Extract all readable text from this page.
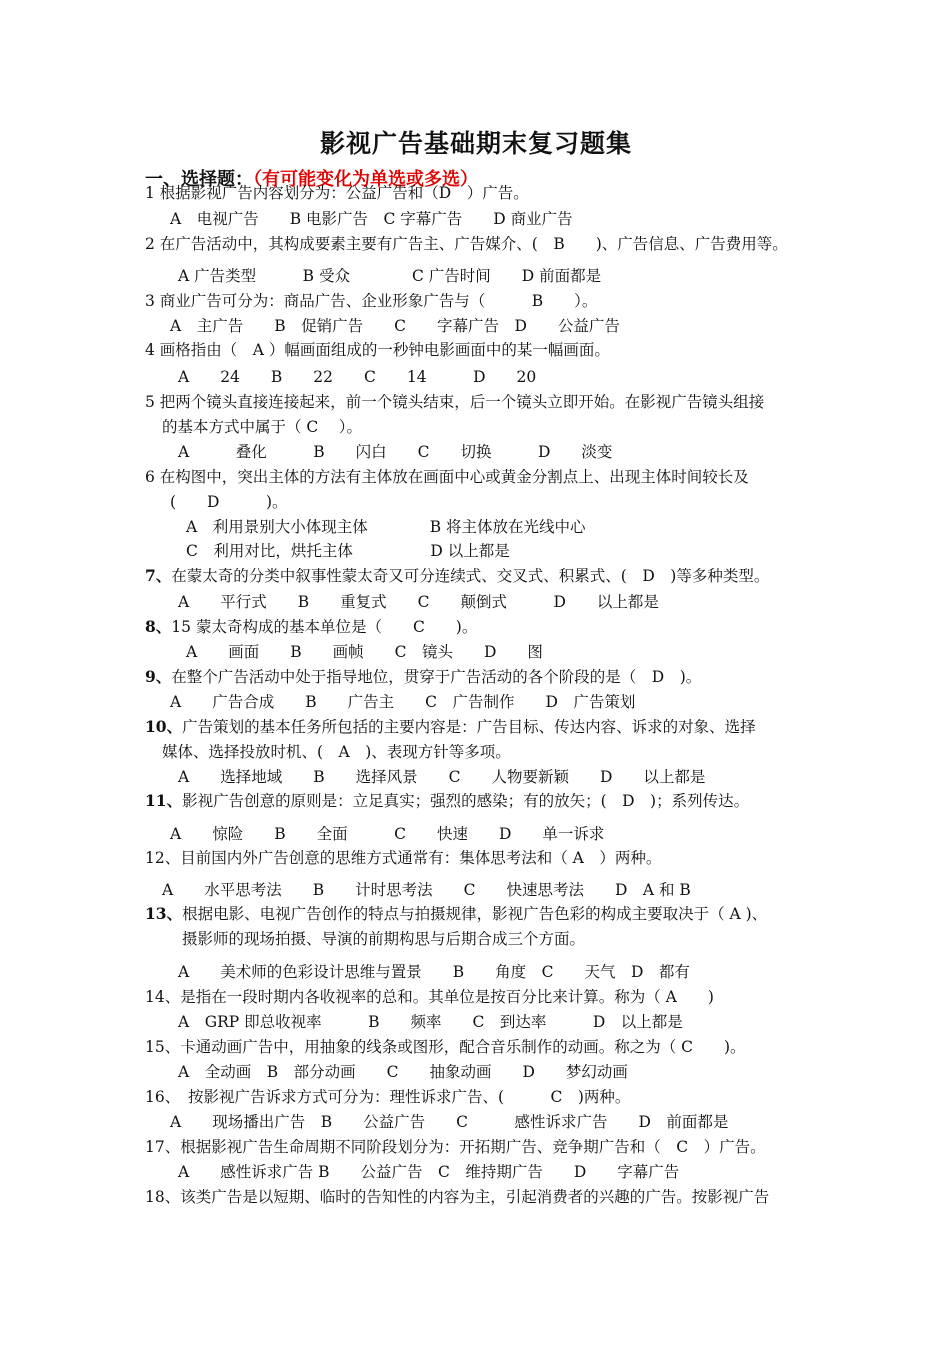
影视广告基础期末复习题集
一、选择题：（有可能变化为单选或多选）
1 根据影视广告内容划分为：公益广告和（D　）广告。
A　电视广告　　B 电影广告　C 字幕广告　　D 商业广告
2 在广告活动中，其构成要素主要有广告主、广告媒介、(　B　　)、广告信息、广告费用等。
A 广告类型　　　B 受众　　　　C 广告时间　　D 前面都是
3 商业广告可分为：商品广告、企业形象广告与（　　　B　　）。
A　主广告　　B　促销广告　　C　　字幕广告　D　　公益广告
4 画格指由（　A ）幅画面组成的一秒钟电影画面中的某一幅画面。
A　　24　　B　　22　　C　　14　　　D　　20
5 把两个镜头直接连接起来，前一个镜头结束，后一个镜头立即开始。在影视广告镜头组接
的基本方式中属于（ C　 ）。
A　　　叠化　　　B　　闪白　　C　　切换　　　D　　淡变
6 在构图中，突出主体的方法有主体放在画面中心或黄金分割点上、出现主体时间较长及
(　　D　　　)。
A　利用景别大小体现主体　　　　B 将主体放在光线中心
C　利用对比，烘托主体　　　　　D 以上都是
7、在蒙太奇的分类中叙事性蒙太奇又可分连续式、交叉式、积累式、(　D　)等多种类型。
A　　平行式　　B　　重复式　　C　　颠倒式　　　D　　以上都是
8、15 蒙太奇构成的基本单位是（　　C　　)。
A　　画面　　B　　画帧　　C　镜头　　D　　图
9、在整个广告活动中处于指导地位，贯穿于广告活动的各个阶段的是（　D　)。
A　　广告合成　　B　　广告主　　C　广告制作　　D　广告策划
10、广告策划的基本任务所包括的主要内容是：广告目标、传达内容、诉求的对象、选择
媒体、选择投放时机、(　A　)、表现方针等多项。
A　　选择地域　　B　　选择风景　　C　　人物要新颖　　D　　以上都是
11、影视广告创意的原则是：立足真实；强烈的感染；有的放矢；(　D　)；系列传达。
A　　惊险　　B　　全面　　　C　　快速　　D　　单一诉求
12、目前国内外广告创意的思维方式通常有：集体思考法和（ A　）两种。
A　　水平思考法　　B　　计时思考法　　C　　快速思考法　　D　A 和 B
13、根据电影、电视广告创作的特点与拍摄规律，影视广告色彩的构成主要取决于（ A )、
摄影师的现场拍摄、导演的前期构思与后期合成三个方面。
A　　美术师的色彩设计思维与置景　　B　　角度　C　　天气　D　都有
14、是指在一段时期内各收视率的总和。其单位是按百分比来计算。称为（ A　　)
A　GRP 即总收视率　　　B　　频率　　C　到达率　　　D　以上都是
15、卡通动画广告中，用抽象的线条或图形，配合音乐制作的动画。称之为（ C　　)。
A　全动画　B　部分动画　　C　　抽象动画　　D　　梦幻动画
16、　按影视广告诉求方式可分为：理性诉求广告、(　　　C　)两种。
A　　现场播出广告　B　　公益广告　　C　　　感性诉求广告　　D　前面都是
17、根据影视广告生命周期不同阶段划分为：开拓期广告、竞争期广告和（　C　）广告。
A　　感性诉求广告 B　　公益广告　C　维持期广告　　D　　字幕广告
18、该类广告是以短期、临时的告知性的内容为主，引起消费者的兴趣的广告。按影视广告
